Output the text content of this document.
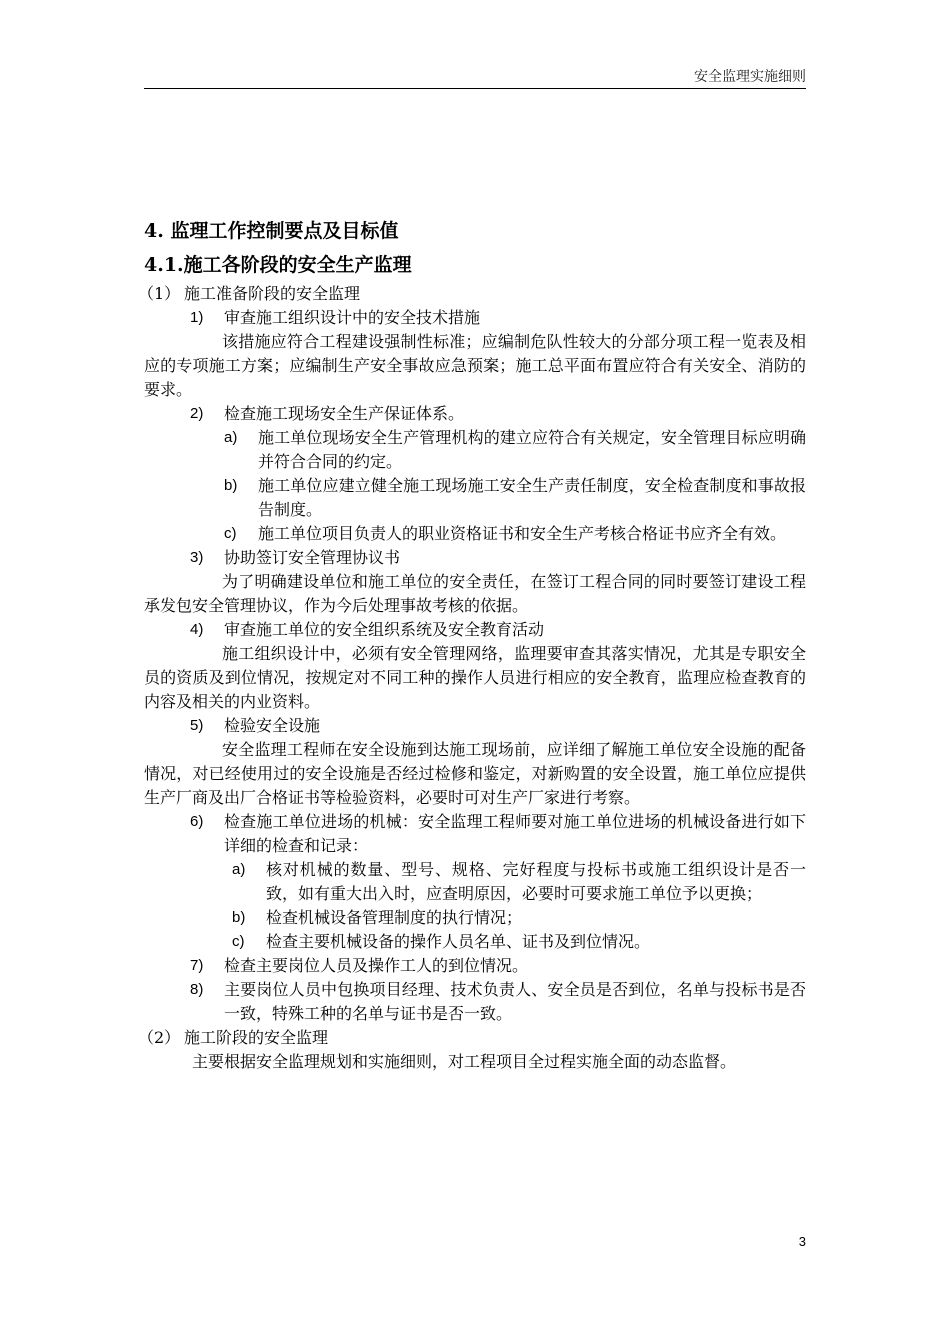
安全监理实施细则
4. 监理工作控制要点及目标值
4.1.施工各阶段的安全生产监理
（1） 施工准备阶段的安全监理
1)	审查施工组织设计中的安全技术措施

该措施应符合工程建设强制性标准；应编制危队性较大的分部分项工程一览表及相应的专项施工方案；应编制生产安全事故应急预案；施工总平面布置应符合有关安全、消防的要求。

2)	检查施工现场安全生产保证体系。
a)	施工单位现场安全生产管理机构的建立应符合有关规定，安全管理目标应明确并符合合同的约定。
b)	施工单位应建立健全施工现场施工安全生产责任制度，安全检查制度和事故报告制度。
c)	施工单位项目负责人的职业资格证书和安全生产考核合格证书应齐全有效。
3)	协助签订安全管理协议书

为了明确建设单位和施工单位的安全责任，在签订工程合同的同时要签订建设工程承发包安全管理协议，作为今后处理事故考核的依据。

4)	审查施工单位的安全组织系统及安全教育活动

施工组织设计中，必须有安全管理网络，监理要审查其落实情况，尤其是专职安全员的资质及到位情况，按规定对不同工种的操作人员进行相应的安全教育，监理应检查教育的内容及相关的内业资料。

5)	检验安全设施

安全监理工程师在安全设施到达施工现场前，应详细了解施工单位安全设施的配备情况，对已经使用过的安全设施是否经过检修和鉴定，对新购置的安全设置，施工单位应提供生产厂商及出厂合格证书等检验资料，必要时可对生产厂家进行考察。

6)	检查施工单位进场的机械：安全监理工程师要对施工单位进场的机械设备进行如下详细的检查和记录：
a)	核对机械的数量、型号、规格、完好程度与投标书或施工组织设计是否一致，如有重大出入时，应查明原因，必要时可要求施工单位予以更换；
b)	检查机械设备管理制度的执行情况；
c)	检查主要机械设备的操作人员名单、证书及到位情况。
7)	检查主要岗位人员及操作工人的到位情况。
8)	主要岗位人员中包换项目经理、技术负责人、安全员是否到位，名单与投标书是否一致，特殊工种的名单与证书是否一致。
（2） 施工阶段的安全监理

主要根据安全监理规划和实施细则，对工程项目全过程实施全面的动态监督。

3
